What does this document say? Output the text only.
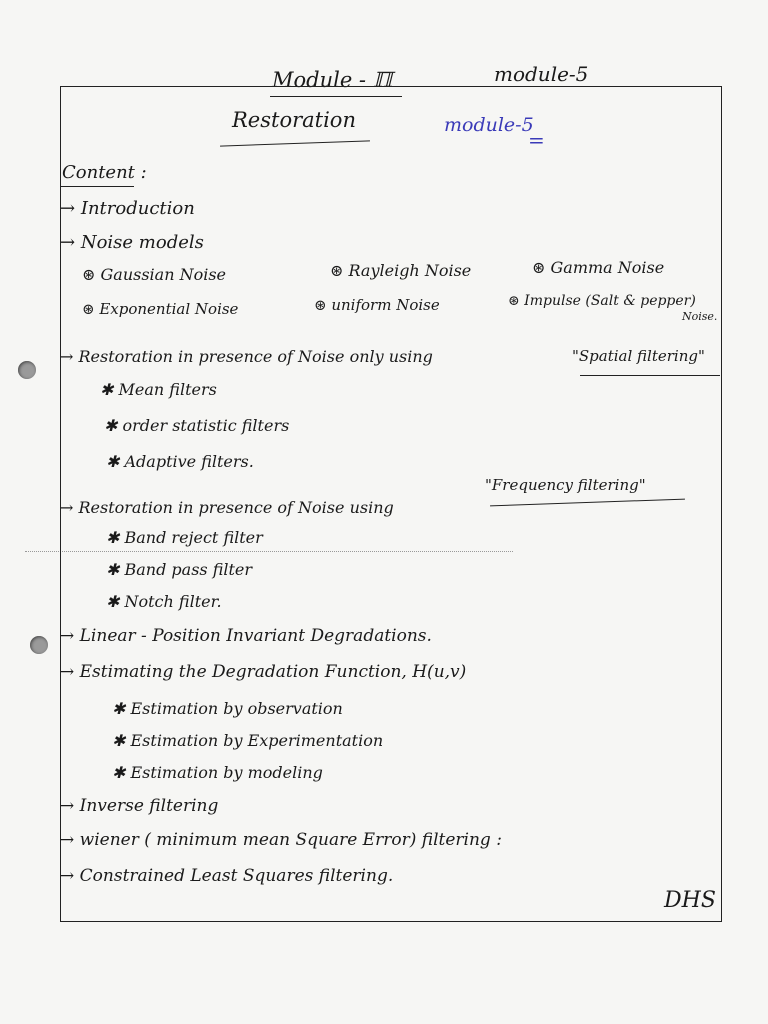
Module - ℿ	module-5
Restoration	module-5
=
Content :
→ Introduction
→ Noise models
⊛ Gaussian Noise	⊛ Rayleigh Noise	⊛ Gamma Noise
⊛ Exponential Noise	⊛ uniform Noise	⊛ Impulse (Salt & pepper)
Noise.
→ Restoration in presence of Noise only using	"Spatial filtering"
✱ Mean filters
✱ order statistic filters
✱ Adaptive filters.
→ Restoration in presence of Noise using
"Frequency filtering"
✱ Band reject filter
✱ Band pass filter
✱ Notch filter.
→ Linear - Position Invariant Degradations.
→ Estimating the Degradation Function, H(u,v)
✱ Estimation by observation
✱ Estimation by Experimentation
✱ Estimation by modeling
→ Inverse filtering
→ wiener ( minimum mean Square Error) filtering :
→ Constrained Least Squares filtering.
DHS
